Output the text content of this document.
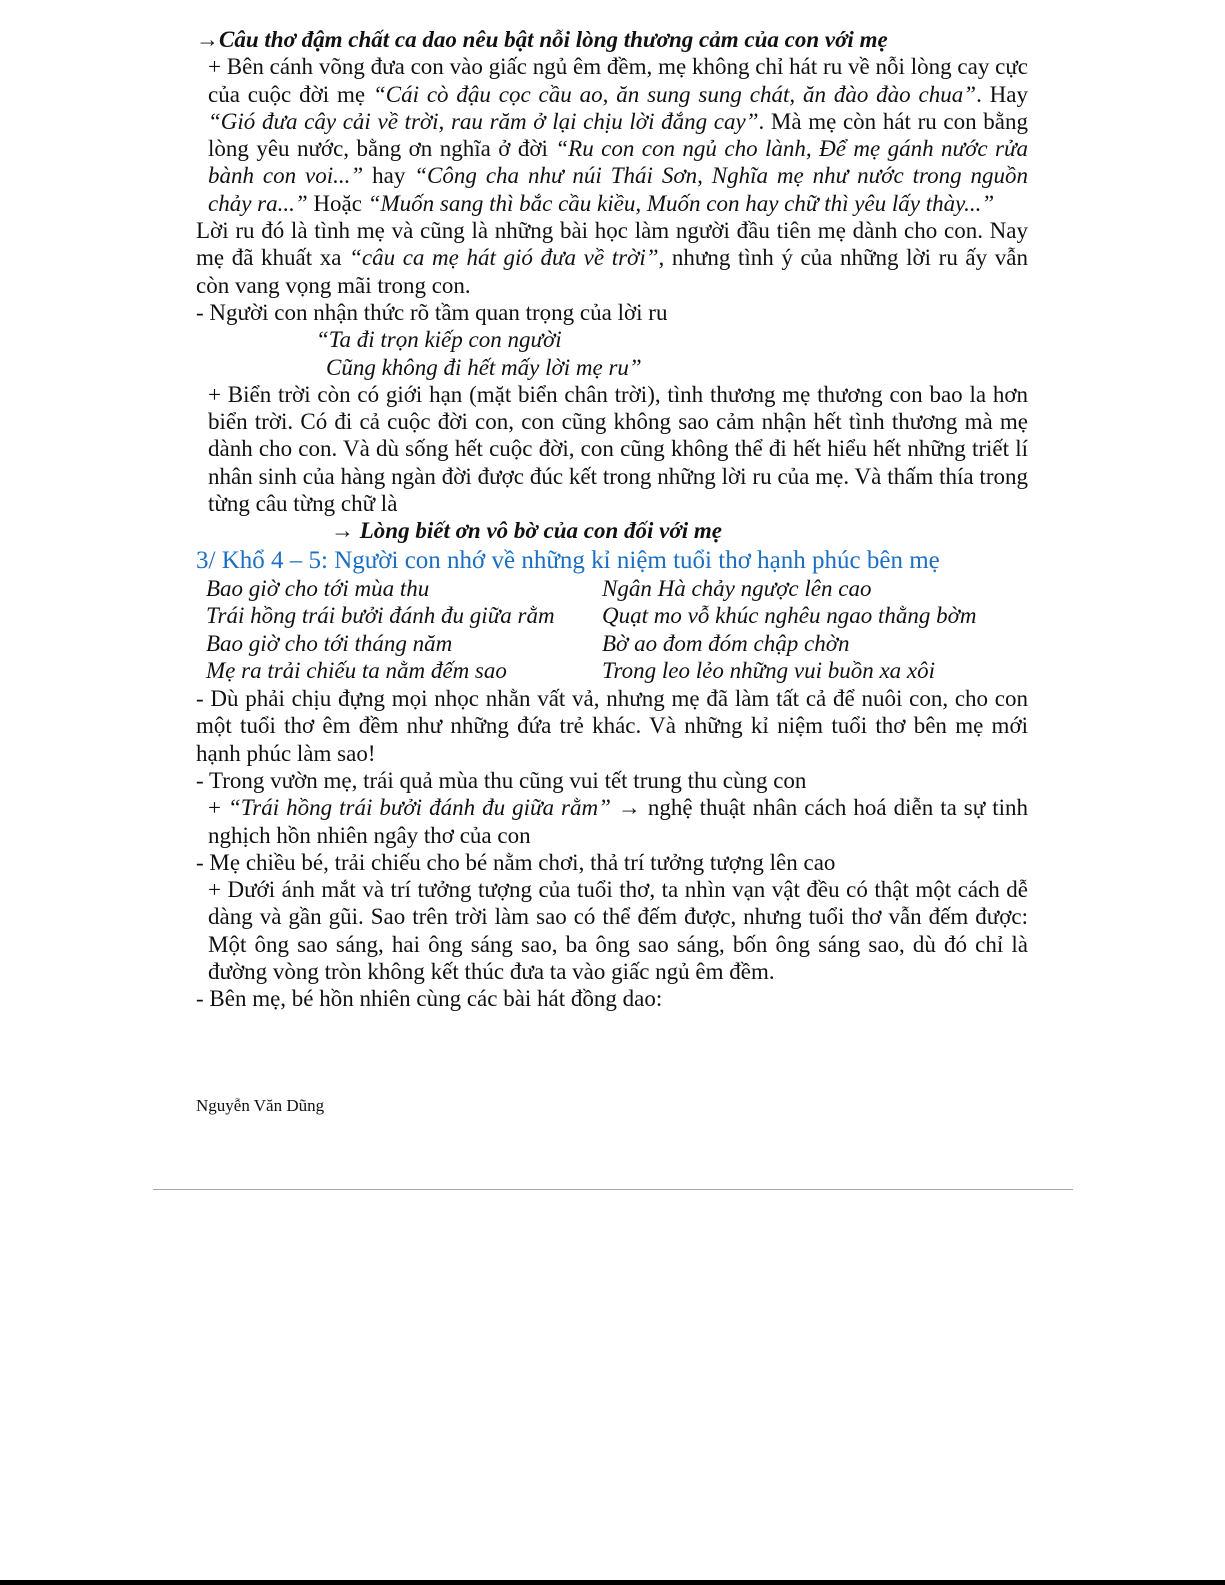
→Câu thơ đậm chất ca dao nêu bật nỗi lòng thương cảm của con với mẹ

+ Bên cánh võng đưa con vào giấc ngủ êm đềm, mẹ không chỉ hát ru về nỗi lòng cay cực của cuộc đời mẹ “Cái cò đậu cọc cầu ao, ăn sung sung chát, ăn đào đào chua”. Hay “Gió đưa cây cải về trời, rau răm ở lại chịu lời đắng cay”. Mà mẹ còn hát ru con bằng lòng yêu nước, bằng ơn nghĩa ở đời “Ru con con ngủ cho lành, Để mẹ gánh nước rửa bành con voi...” hay “Công cha như núi Thái Sơn, Nghĩa mẹ như nước trong nguồn chảy ra...” Hoặc “Muốn sang thì bắc cầu kiều, Muốn con hay chữ thì yêu lấy thày...”

Lời ru đó là tình mẹ và cũng là những bài học làm người đầu tiên mẹ dành cho con. Nay mẹ đã khuất xa “câu ca mẹ hát gió đưa về trời”, nhưng tình ý của những lời ru ấy vẫn còn vang vọng mãi trong con.

- Người con nhận thức rõ tầm quan trọng của lời ru

“Ta đi trọn kiếp con người

Cũng không đi hết mấy lời mẹ ru”

+ Biển trời còn có giới hạn (mặt biển chân trời), tình thương mẹ thương con bao la hơn biển trời. Có đi cả cuộc đời con, con cũng không sao cảm nhận hết tình thương mà mẹ dành cho con. Và dù sống hết cuộc đời, con cũng không thể đi hết hiểu hết những triết lí nhân sinh của hàng ngàn đời được đúc kết trong những lời ru của mẹ. Và thấm thía trong từng câu từng chữ là

→ Lòng biết ơn vô bờ của con đối với mẹ

3/ Khổ 4 – 5: Người con nhớ về những kỉ niệm tuổi thơ hạnh phúc bên mẹ

Bao giờ cho tới mùa thu	Ngân Hà chảy ngược lên cao
Trái hồng trái bưởi đánh đu giữa rằm	Quạt mo vỗ khúc nghêu ngao thằng bờm
Bao giờ cho tới tháng năm	Bờ ao đom đóm chập chờn
Mẹ ra trải chiếu ta nằm đếm sao	Trong leo lẻo những vui buồn xa xôi

- Dù phải chịu đựng mọi nhọc nhằn vất vả, nhưng mẹ đã làm tất cả để nuôi con, cho con một tuổi thơ êm đềm như những đứa trẻ khác. Và những kỉ niệm tuổi thơ bên mẹ mới hạnh phúc làm sao!

- Trong vườn mẹ, trái quả mùa thu cũng vui tết trung thu cùng con

+ “Trái hồng trái bưởi đánh đu giữa rằm” → nghệ thuật nhân cách hoá diễn ta sự tinh nghịch hồn nhiên ngây thơ của con

- Mẹ chiều bé, trải chiếu cho bé nằm chơi, thả trí tưởng tượng lên cao

+ Dưới ánh mắt và trí tưởng tượng của tuổi thơ, ta nhìn vạn vật đều có thật một cách dễ dàng và gần gũi. Sao trên trời làm sao có thể đếm được, nhưng tuổi thơ vẫn đếm được: Một ông sao sáng, hai ông sáng sao, ba ông sao sáng, bốn ông sáng sao, dù đó chỉ là đường vòng tròn không kết thúc đưa ta vào giấc ngủ êm đềm.

- Bên mẹ, bé hồn nhiên cùng các bài hát đồng dao:

Nguyễn Văn Dũng
